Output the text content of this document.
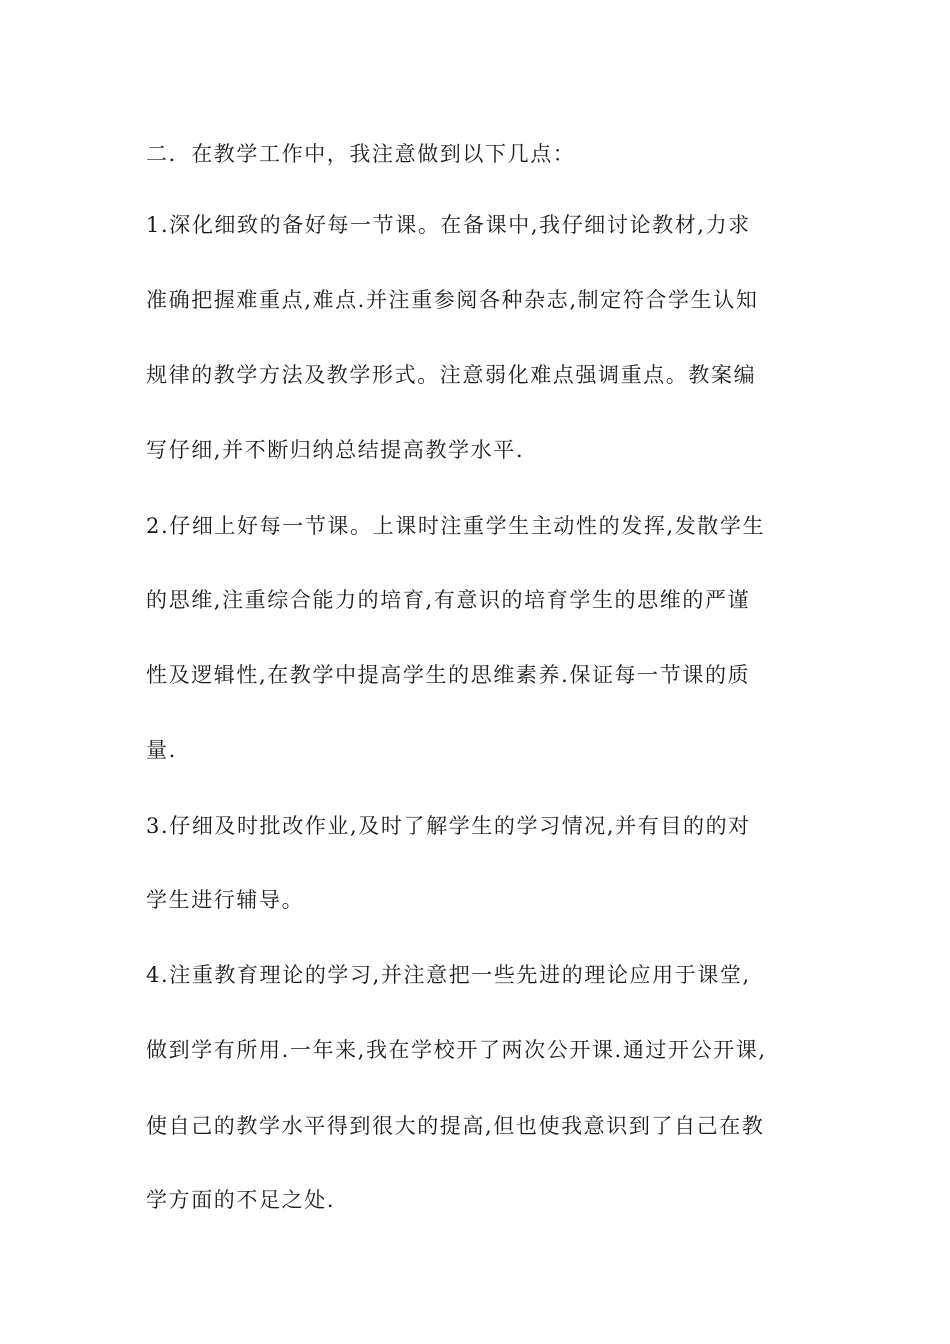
二．在教学工作中，我注意做到以下几点：
1.深化细致的备好每一节课。在备课中,我仔细讨论教材,力求
准确把握难重点,难点.并注重参阅各种杂志,制定符合学生认知
规律的教学方法及教学形式。注意弱化难点强调重点。教案编
写仔细,并不断归纳总结提高教学水平.
2.仔细上好每一节课。上课时注重学生主动性的发挥,发散学生
的思维,注重综合能力的培育,有意识的培育学生的思维的严谨
性及逻辑性,在教学中提高学生的思维素养.保证每一节课的质
量.
3.仔细及时批改作业,及时了解学生的学习情况,并有目的的对
学生进行辅导。
4.注重教育理论的学习,并注意把一些先进的理论应用于课堂,
做到学有所用.一年来,我在学校开了两次公开课.通过开公开课,
使自己的教学水平得到很大的提高,但也使我意识到了自己在教
学方面的不足之处.
